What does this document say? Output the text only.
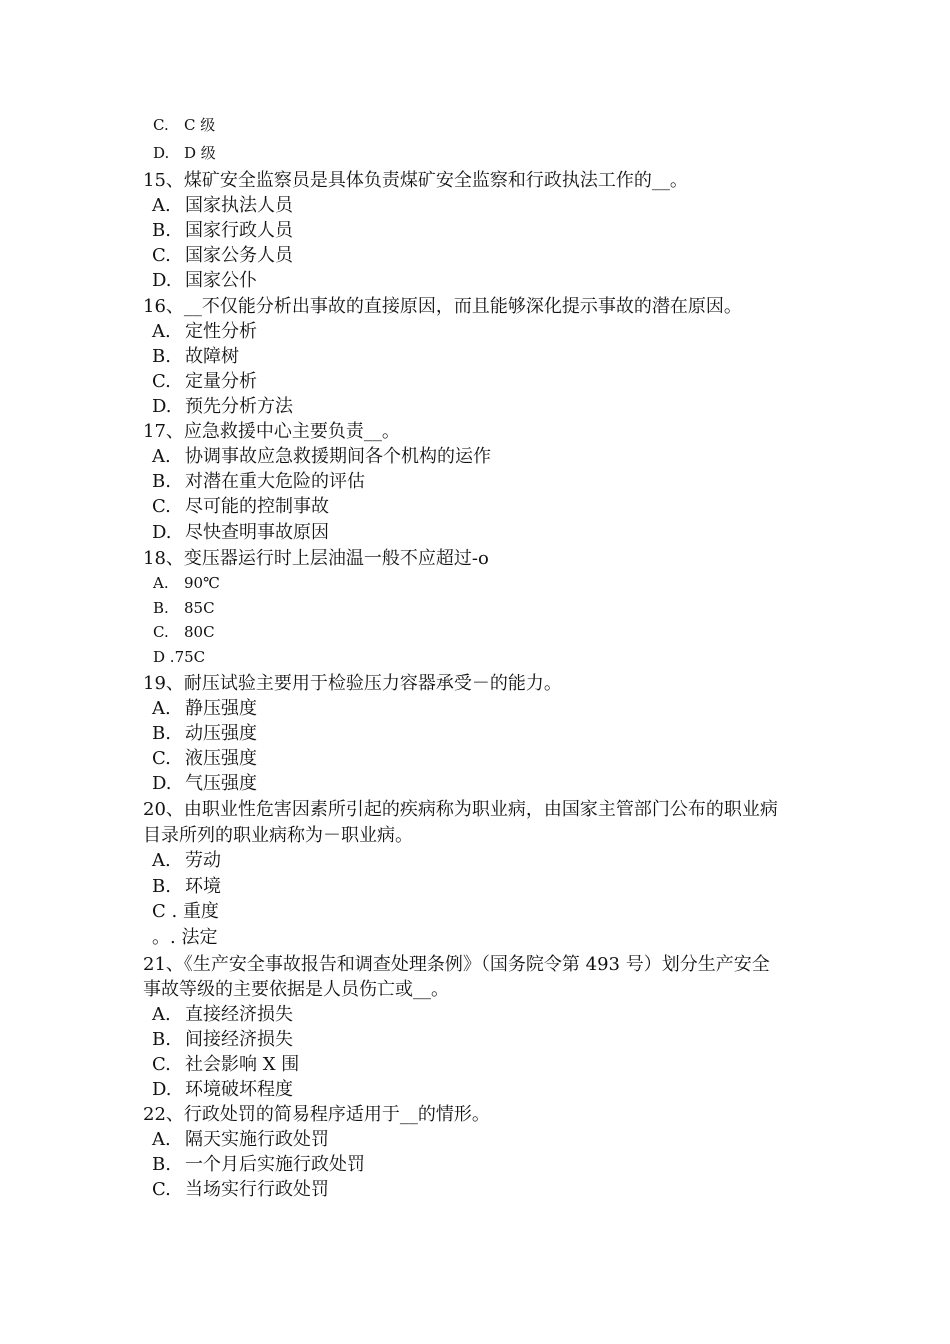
C. C 级
D. D 级
15、煤矿安全监察员是具体负责煤矿安全监察和行政执法工作的__。
A. 国家执法人员
B. 国家行政人员
C. 国家公务人员
D. 国家公仆
16、__不仅能分析出事故的直接原因，而且能够深化提示事故的潜在原因。
A. 定性分析
B. 故障树
C. 定量分析
D. 预先分析方法
17、应急救援中心主要负责__。
A. 协调事故应急救援期间各个机构的运作
B. 对潜在重大危险的评估
C. 尽可能的控制事故
D. 尽快查明事故原因
18、变压器运行时上层油温一般不应超过-o
A. 90℃
B. 85C
C. 80C
D .75C
19、耐压试验主要用于检验压力容器承受－的能力。
A. 静压强度
B. 动压强度
C. 液压强度
D. 气压强度
20、由职业性危害因素所引起的疾病称为职业病，由国家主管部门公布的职业病
目录所列的职业病称为－职业病。
A. 劳动
B. 环境
C . 重度
。. 法定
21、《生产安全事故报告和调查处理条例》（国务院令第 493 号）划分生产安全
事故等级的主要依据是人员伤亡或__。
A. 直接经济损失
B. 间接经济损失
C. 社会影响 X 围
D. 环境破坏程度
22、行政处罚的简易程序适用于__的情形。
A. 隔天实施行政处罚
B. 一个月后实施行政处罚
C. 当场实行行政处罚
